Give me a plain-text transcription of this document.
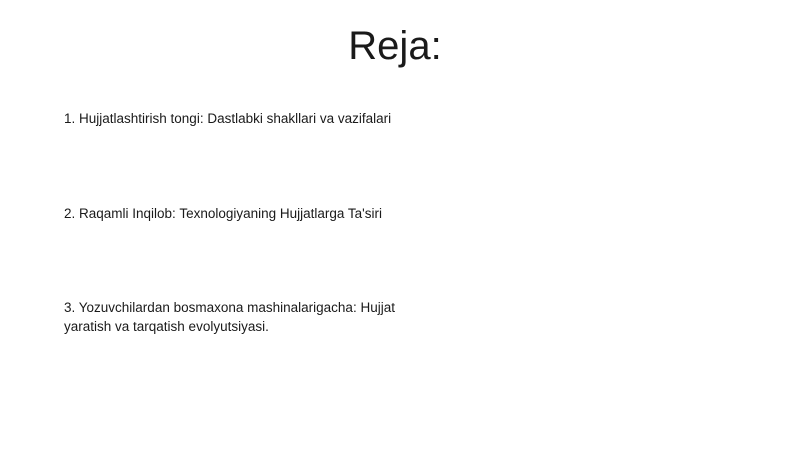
Reja:
1. Hujjatlashtirish tongi: Dastlabki shakllari va vazifalari
2. Raqamli Inqilob: Texnologiyaning Hujjatlarga Ta'siri
3. Yozuvchilardan bosmaxona mashinalarigacha: Hujjat yaratish va tarqatish evolyutsiyasi.
